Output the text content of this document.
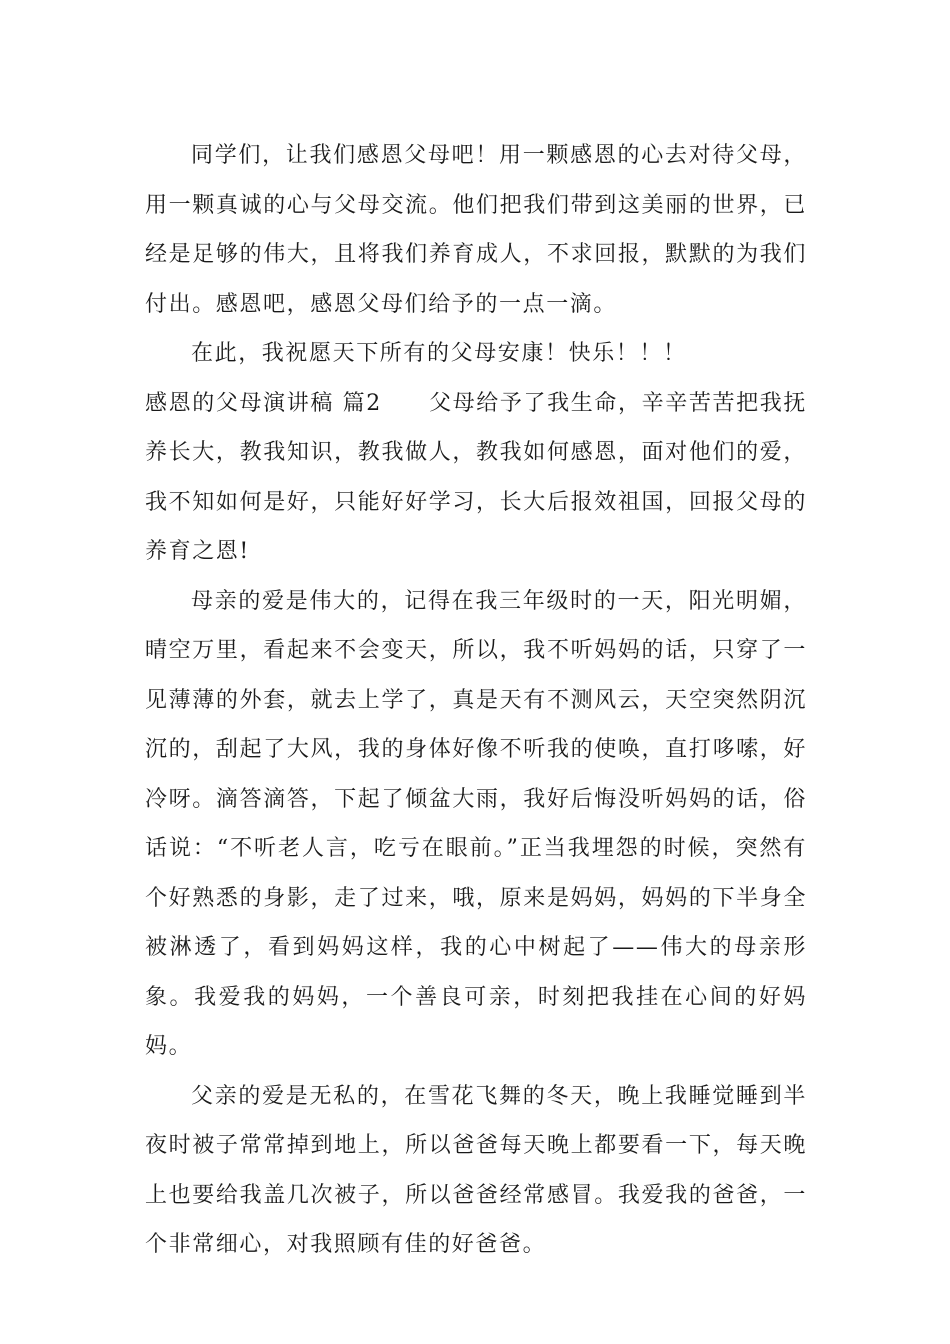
同学们，让我们感恩父母吧！用一颗感恩的心去对待父母，用一颗真诚的心与父母交流。他们把我们带到这美丽的世界，已经是足够的伟大，且将我们养育成人，不求回报，默默的为我们付出。感恩吧，感恩父母们给予的一点一滴。

在此，我祝愿天下所有的父母安康！快乐！！！

感恩的父母演讲稿 篇2　　父母给予了我生命，辛辛苦苦把我抚养长大，教我知识，教我做人，教我如何感恩，面对他们的爱，我不知如何是好，只能好好学习，长大后报效祖国，回报父母的养育之恩!

母亲的爱是伟大的，记得在我三年级时的一天，阳光明媚，晴空万里，看起来不会变天，所以，我不听妈妈的话，只穿了一见薄薄的外套，就去上学了，真是天有不测风云，天空突然阴沉沉的，刮起了大风，我的身体好像不听我的使唤，直打哆嗦，好冷呀。滴答滴答，下起了倾盆大雨，我好后悔没听妈妈的话，俗话说：“不听老人言，吃亏在眼前。”正当我埋怨的时候，突然有个好熟悉的身影，走了过来，哦，原来是妈妈，妈妈的下半身全被淋透了，看到妈妈这样，我的心中树起了——伟大的母亲形象。我爱我的妈妈，一个善良可亲，时刻把我挂在心间的好妈妈。

父亲的爱是无私的，在雪花飞舞的冬天，晚上我睡觉睡到半夜时被子常常掉到地上，所以爸爸每天晚上都要看一下，每天晚上也要给我盖几次被子，所以爸爸经常感冒。我爱我的爸爸，一个非常细心，对我照顾有佳的好爸爸。
